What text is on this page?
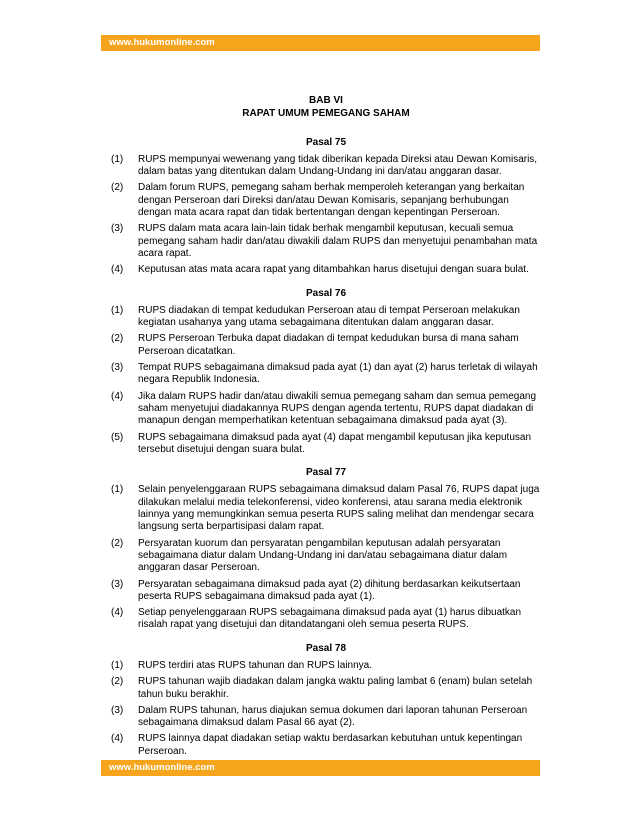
www.hukumonline.com
BAB VI
RAPAT UMUM PEMEGANG SAHAM
Pasal 75
(1) RUPS mempunyai wewenang yang tidak diberikan kepada Direksi atau Dewan Komisaris, dalam batas yang ditentukan dalam Undang-Undang ini dan/atau anggaran dasar.
(2) Dalam forum RUPS, pemegang saham berhak memperoleh keterangan yang berkaitan dengan Perseroan dari Direksi dan/atau Dewan Komisaris, sepanjang berhubungan dengan mata acara rapat dan tidak bertentangan dengan kepentingan Perseroan.
(3) RUPS dalam mata acara lain-lain tidak berhak mengambil keputusan, kecuali semua pemegang saham hadir dan/atau diwakili dalam RUPS dan menyetujui penambahan mata acara rapat.
(4) Keputusan atas mata acara rapat yang ditambahkan harus disetujui dengan suara bulat.
Pasal 76
(1) RUPS diadakan di tempat kedudukan Perseroan atau di tempat Perseroan melakukan kegiatan usahanya yang utama sebagaimana ditentukan dalam anggaran dasar.
(2) RUPS Perseroan Terbuka dapat diadakan di tempat kedudukan bursa di mana saham Perseroan dicatatkan.
(3) Tempat RUPS sebagaimana dimaksud pada ayat (1) dan ayat (2) harus terletak di wilayah negara Republik Indonesia.
(4) Jika dalam RUPS hadir dan/atau diwakili semua pemegang saham dan semua pemegang saham menyetujui diadakannya RUPS dengan agenda tertentu, RUPS dapat diadakan di manapun dengan memperhatikan ketentuan sebagaimana dimaksud pada ayat (3).
(5) RUPS sebagaimana dimaksud pada ayat (4) dapat mengambil keputusan jika keputusan tersebut disetujui dengan suara bulat.
Pasal 77
(1) Selain penyelenggaraan RUPS sebagaimana dimaksud dalam Pasal 76, RUPS dapat juga dilakukan melalui media telekonferensi, video konferensi, atau sarana media elektronik lainnya yang memungkinkan semua peserta RUPS saling melihat dan mendengar secara langsung serta berpartisipasi dalam rapat.
(2) Persyaratan kuorum dan persyaratan pengambilan keputusan adalah persyaratan sebagaimana diatur dalam Undang-Undang ini dan/atau sebagaimana diatur dalam anggaran dasar Perseroan.
(3) Persyaratan sebagaimana dimaksud pada ayat (2) dihitung berdasarkan keikutsertaan peserta RUPS sebagaimana dimaksud pada ayat (1).
(4) Setiap penyelenggaraan RUPS sebagaimana dimaksud pada ayat (1) harus dibuatkan risalah rapat yang disetujui dan ditandatangani oleh semua peserta RUPS.
Pasal 78
(1) RUPS terdiri atas RUPS tahunan dan RUPS lainnya.
(2) RUPS tahunan wajib diadakan dalam jangka waktu paling lambat 6 (enam) bulan setelah tahun buku berakhir.
(3) Dalam RUPS tahunan, harus diajukan semua dokumen dari laporan tahunan Perseroan sebagaimana dimaksud dalam Pasal 66 ayat (2).
(4) RUPS lainnya dapat diadakan setiap waktu berdasarkan kebutuhan untuk kepentingan Perseroan.
www.hukumonline.com
